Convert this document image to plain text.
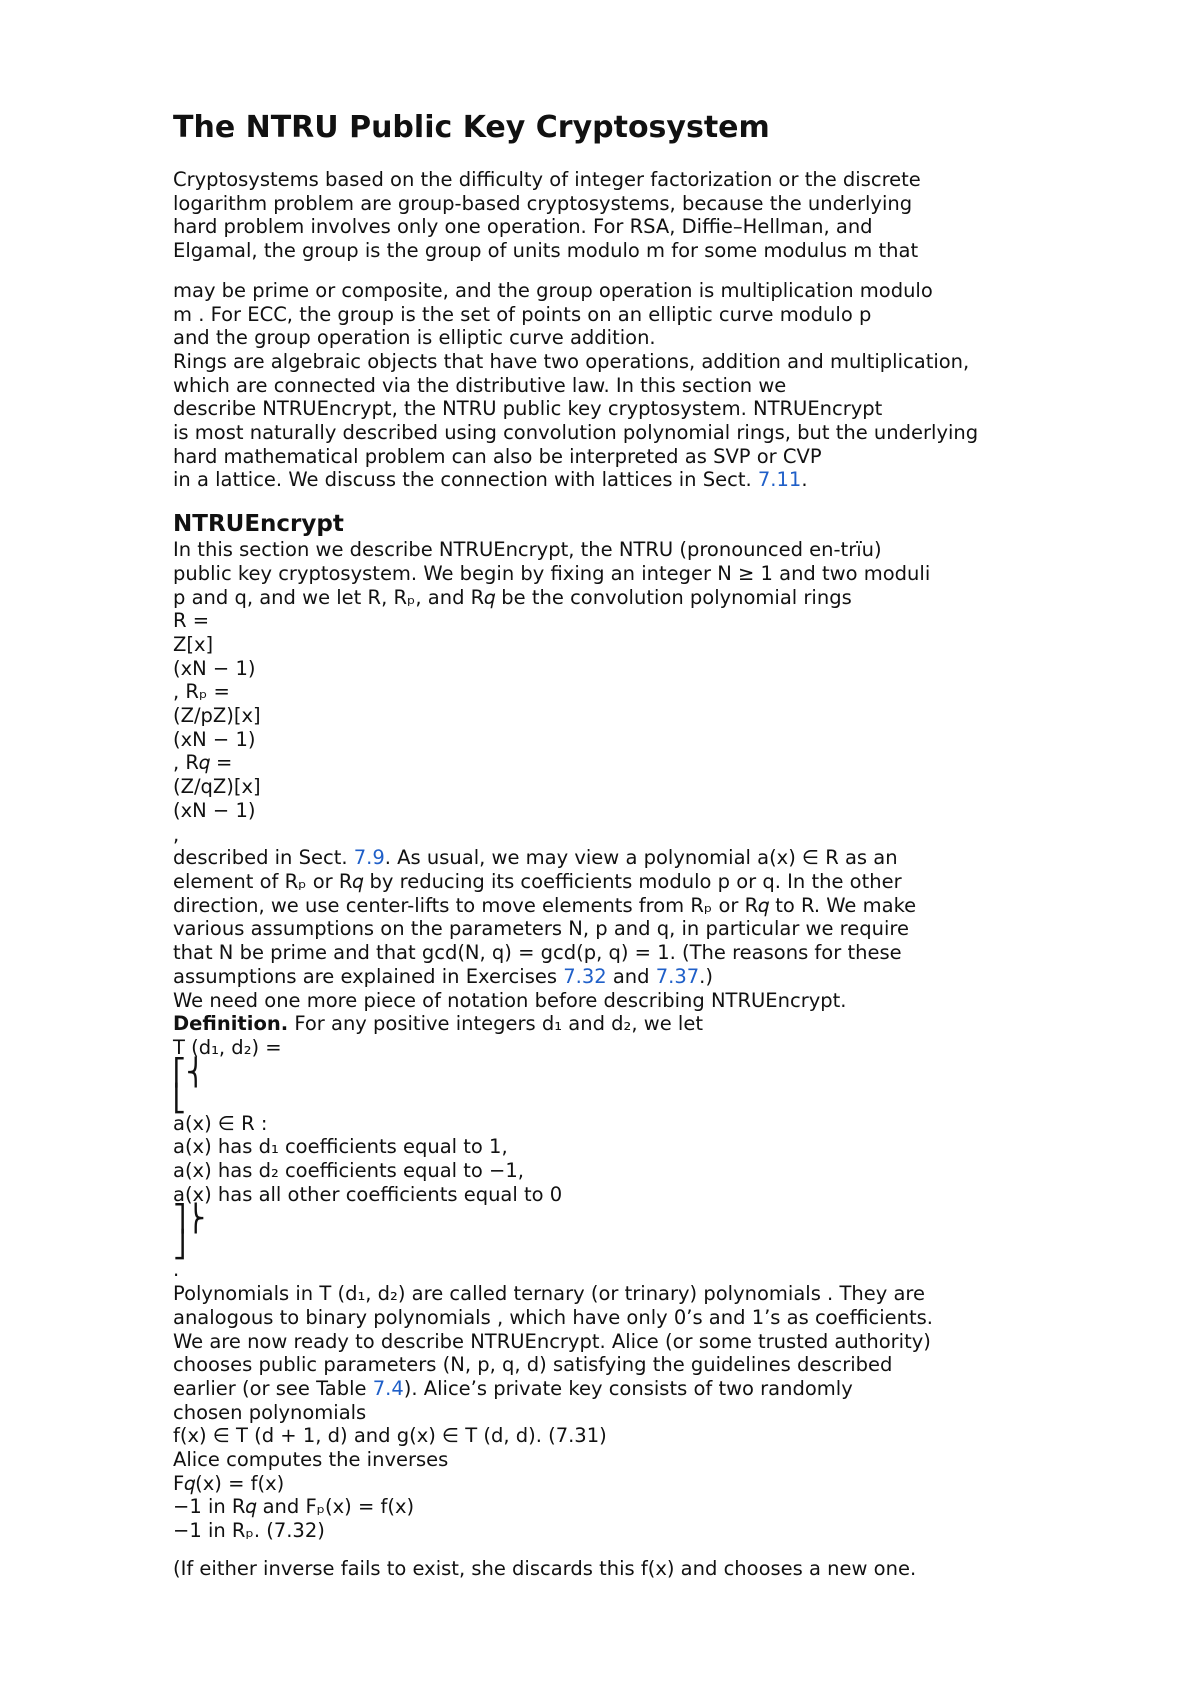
The NTRU Public Key Cryptosystem
Cryptosystems based on the difficulty of integer factorization or the discrete
logarithm problem are group-based cryptosystems, because the underlying
hard problem involves only one operation. For RSA, Diffie–Hellman, and
Elgamal, the group is the group of units modulo m for some modulus m that
may be prime or composite, and the group operation is multiplication modulo
m . For ECC, the group is the set of points on an elliptic curve modulo p
and the group operation is elliptic curve addition.
Rings are algebraic objects that have two operations, addition and multiplication,
which are connected via the distributive law. In this section we
describe NTRUEncrypt, the NTRU public key cryptosystem. NTRUEncrypt
is most naturally described using convolution polynomial rings, but the underlying
hard mathematical problem can also be interpreted as SVP or CVP
in a lattice. We discuss the connection with lattices in Sect. 7.11.
NTRUEncrypt
In this section we describe NTRUEncrypt, the NTRU (pronounced en-trïu)
public key cryptosystem. We begin by fixing an integer N ≥ 1 and two moduli
p and q, and we let R, Rₚ, and R𝑞 be the convolution polynomial rings
R =
Z[x]
(xN − 1)
, Rₚ =
(Z/pZ)[x]
(xN − 1)
, R𝑞 =
(Z/qZ)[x]
(xN − 1)
,
described in Sect. 7.9. As usual, we may view a polynomial a(x) ∈ R as an
element of Rₚ or R𝑞 by reducing its coefficients modulo p or q. In the other
direction, we use center-lifts to move elements from Rₚ or R𝑞 to R. We make
various assumptions on the parameters N, p and q, in particular we require
that N be prime and that gcd(N, q) = gcd(p, q) = 1. (The reasons for these
assumptions are explained in Exercises 7.32 and 7.37.)
We need one more piece of notation before describing NTRUEncrypt.
Definition. For any positive integers d₁ and d₂, we let
T (d₁, d₂) =
⎡⎨
⎣
a(x) ∈ R :
a(x) has d₁ coefficients equal to 1,
a(x) has d₂ coefficients equal to −1,
a(x) has all other coefficients equal to 0
⎤⎬
⎦
.
Polynomials in T (d₁, d₂) are called ternary (or trinary) polynomials . They are
analogous to binary polynomials , which have only 0’s and 1’s as coefficients.
We are now ready to describe NTRUEncrypt. Alice (or some trusted authority)
chooses public parameters (N, p, q, d) satisfying the guidelines described
earlier (or see Table 7.4). Alice’s private key consists of two randomly
chosen polynomials
f(x) ∈ T (d + 1, d) and g(x) ∈ T (d, d). (7.31)
Alice computes the inverses
F𝑞(x) = f(x)
−1 in R𝑞 and Fₚ(x) = f(x)
−1 in Rₚ. (7.32)
(If either inverse fails to exist, she discards this f(x) and chooses a new one.
